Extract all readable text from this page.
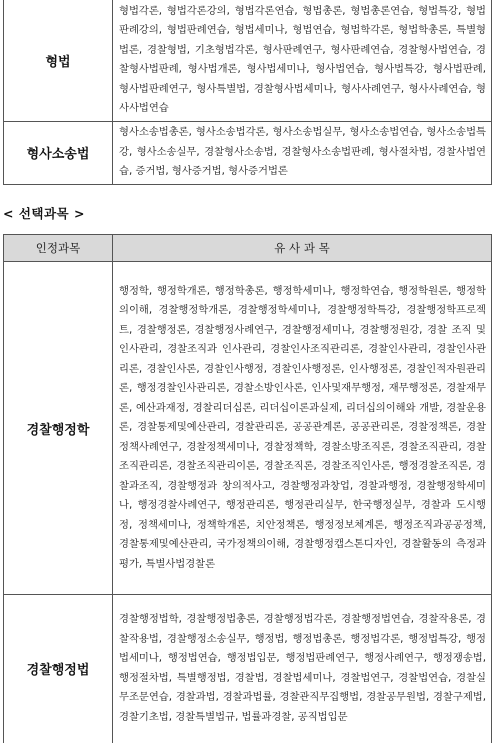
형법	형법각론, 형법각론강의, 형법각론연습, 형법총론, 형법총론연습, 형법특강, 형법판례강의, 형법판례연습, 형법세미나, 형법연습, 형법학각론, 형법학총론, 특별형법론, 경찰형법, 기초형법각론, 형사판례연구, 형사판례연습, 경찰형사법연습, 경찰형사법판례, 형사법개론, 형사법세미나, 형사법연습, 형사법특강, 형사법판례, 형사법판례연구, 형사특별법, 경찰형사법세미나, 형사사례연구, 형사사례연습, 형사사법연습
형사소송법	형사소송법총론, 형사소송법각론, 형사소송법실무, 형사소송법연습, 형사소송법특강, 형사소송실무, 경찰형사소송법, 경찰형사소송법판례, 형사절차법, 경찰사법연습, 증거법, 형사증거법, 형사증거법론
< 선택과목 >
인정과목	유 사 과 목
경찰행정학	행정학, 행정학개론, 행정학총론, 행정학세미나, 행정학연습, 행정학원론, 행정학의이해, 경찰행정학개론, 경찰행정학세미나, 경찰행정학특강, 경찰행정학프로젝트, 경찰행정론, 경찰행정사례연구, 경찰행정세미나, 경찰행정원강, 경찰 조직 및 인사관리, 경찰조직과 인사관리, 경찰인사조직관리론, 경찰인사관리, 경찰인사관리론, 경찰인사론, 경찰인사행정, 경찰인사행정론, 인사행정론, 경찰인적자원관리론, 행정경찰인사관리론, 경찰소방인사론, 인사및재무행정, 재무행정론, 경찰재무론, 예산과재정, 경찰리더십론, 리더십이론과실제, 리더십의이해와 개발, 경찰운용론, 경찰통제및예산관리, 경찰관리론, 공공관계론, 공공관리론, 경찰정책론, 경찰정책사례연구, 경찰정책세미나, 경찰정책학, 경찰소방조직론, 경찰조직관리, 경찰조직관리론, 경찰조직관리이론, 경찰조직론, 경찰조직인사론, 행정경찰조직론, 경찰과조직, 경찰행정과 창의적사고, 경찰행정과창업, 경찰과행정, 경찰행정학세미나, 행정경찰사례연구, 행정관리론, 행정관리실무, 한국행정실무, 경찰과 도시행정, 정책세미나, 정책학개론, 치안정책론, 행정정보체계론, 행정조직과공공정책, 경찰통제및예산관리, 국가정책의이해, 경찰행정캡스톤디자인, 경찰활동의 측정과 평가, 특별사법경찰론
경찰행정법	경찰행정법학, 경찰행정법총론, 경찰행정법각론, 경찰행정법연습, 경찰작용론, 경찰작용법, 경찰행정소송실무, 행정법, 행정법총론, 행정법각론, 행정법특강, 행정법세미나, 행정법연습, 행정법입문, 행정법판례연구, 행정사례연구, 행정쟁송법, 행정절차법, 특별행정법, 경찰법, 경찰법세미나, 경찰법연구, 경찰법연습, 경찰실무조문연습, 경찰과법, 경찰과법률, 경찰관직무집행법, 경찰공무원법, 경찰구제법, 경찰기초법, 경찰특별법규, 법률과경찰, 공직법입문
